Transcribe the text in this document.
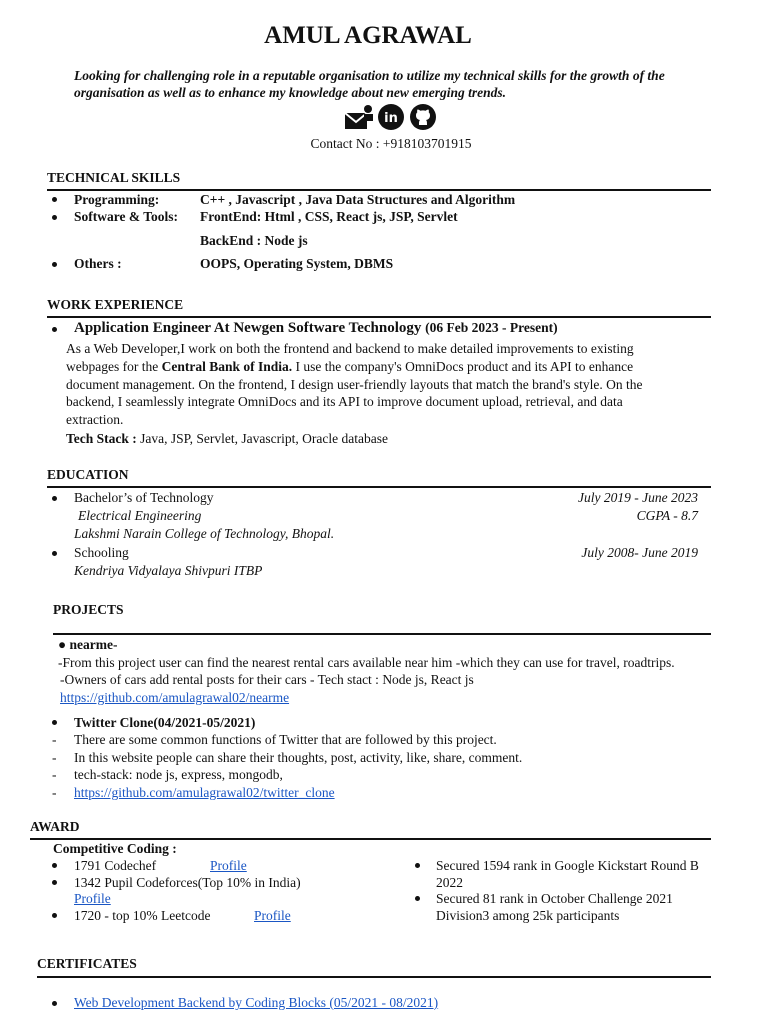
AMUL AGRAWAL
Looking for challenging role in a reputable organisation to utilize my technical skills for the growth of the
organisation as well as to enhance my knowledge about new emerging trends.
in
Contact No : +918103701915
TECHNICAL SKILLS
Programming:	C++ , Javascript , Java Data Structures and Algorithm
Software & Tools: FrontEnd: Html , CSS, React js, JSP, Servlet
BackEnd : Node js
Others :	OOPS, Operating System, DBMS
WORK EXPERIENCE
Application Engineer At Newgen Software Technology (06 Feb 2023 - Present)
As a Web Developer,I work on both the frontend and backend to make detailed improvements to existing
webpages for the Central Bank of India. I use the company's OmniDocs product and its API to enhance
document management. On the frontend, I design user-friendly layouts that match the brand's style. On the
backend, I seamlessly integrate OmniDocs and its API to improve document upload, retrieval, and data
extraction.
Tech Stack : Java, JSP, Servlet, Javascript, Oracle database
EDUCATION
Bachelor’s of Technology	July 2019 - June 2023
Electrical Engineering	CGPA - 8.7
Lakshmi Narain College of Technology, Bhopal.
Schooling	July 2008- June 2019
Kendriya Vidyalaya Shivpuri ITBP
PROJECTS
● nearme-
-From this project user can find the nearest rental cars available near him -which they can use for travel, roadtrips.
-Owners of cars add rental posts for their cars - Tech stact : Node js, React js
https://github.com/amulagrawal02/nearme
Twitter Clone(04/2021-05/2021)
- There are some common functions of Twitter that are followed by this project.
- In this website people can share their thoughts, post, activity, like, share, comment.
- tech-stack: node js, express, mongodb,
- https://github.com/amulagrawal02/twitter_clone
AWARD
Competitive Coding :
1791 Codechef	Profile
1342 Pupil Codeforces(Top 10% in India)
Profile
1720 - top 10% Leetcode	Profile
Secured 1594 rank in Google Kickstart Round B
2022
Secured 81 rank in October Challenge 2021
Division3 among 25k participants
CERTIFICATES
Web Development Backend by Coding Blocks (05/2021 - 08/2021)
